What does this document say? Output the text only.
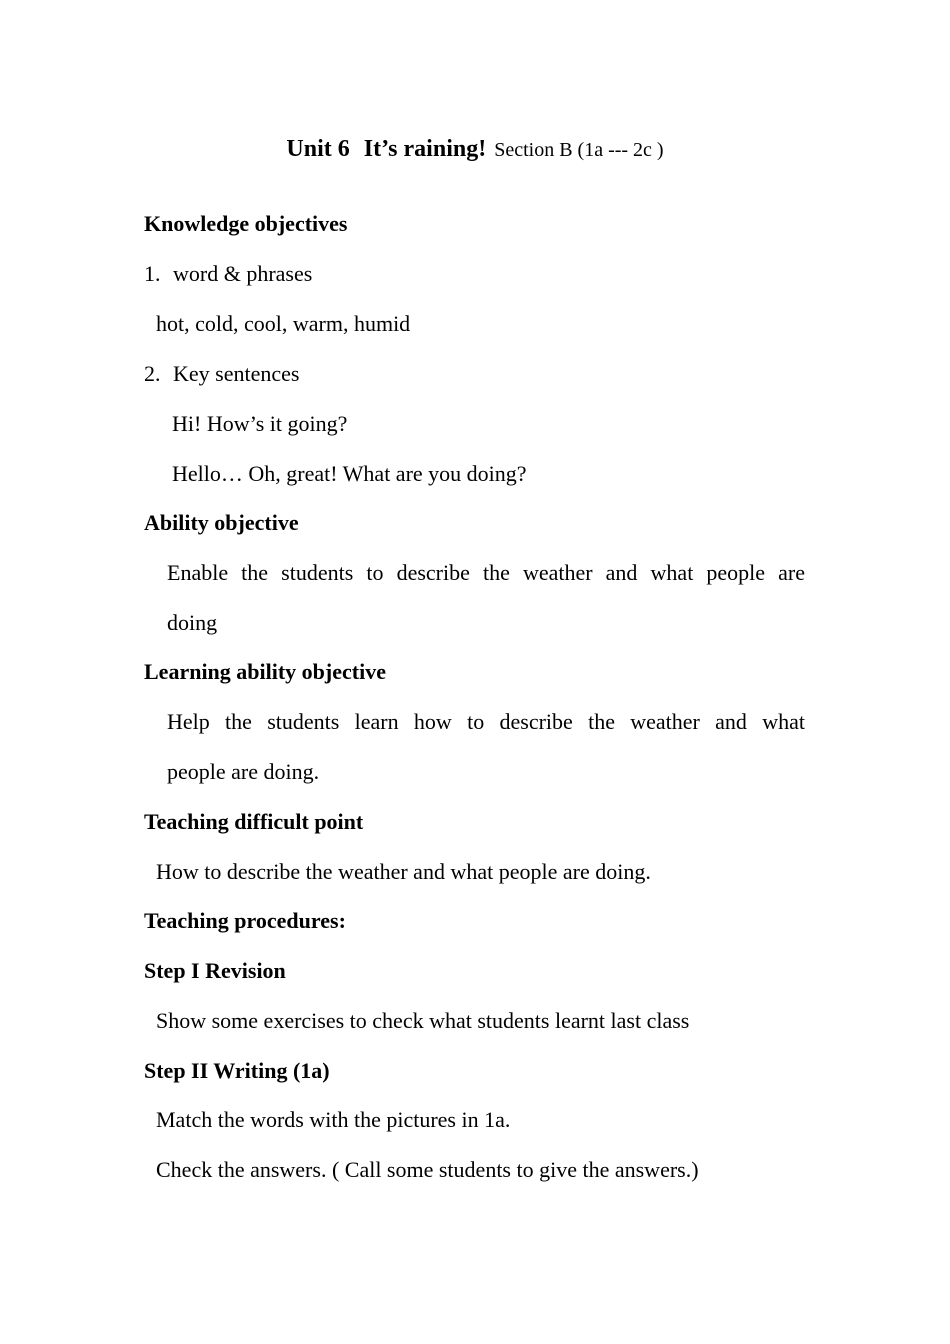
Unit 6 It’s raining! Section B (1a --- 2c )
Knowledge objectives
1. word & phrases
hot, cold, cool, warm, humid
2. Key sentences
Hi! How’s it going?
Hello… Oh, great! What are you doing?
Ability objective
Enable the students to describe the weather and what people are
doing
Learning ability objective
Help the students learn how to describe the weather and what
people are doing.
Teaching difficult point
How to describe the weather and what people are doing.
Teaching procedures:
Step I Revision
Show some exercises to check what students learnt last class
Step II Writing (1a)
Match the words with the pictures in 1a.
Check the answers. ( Call some students to give the answers.)
